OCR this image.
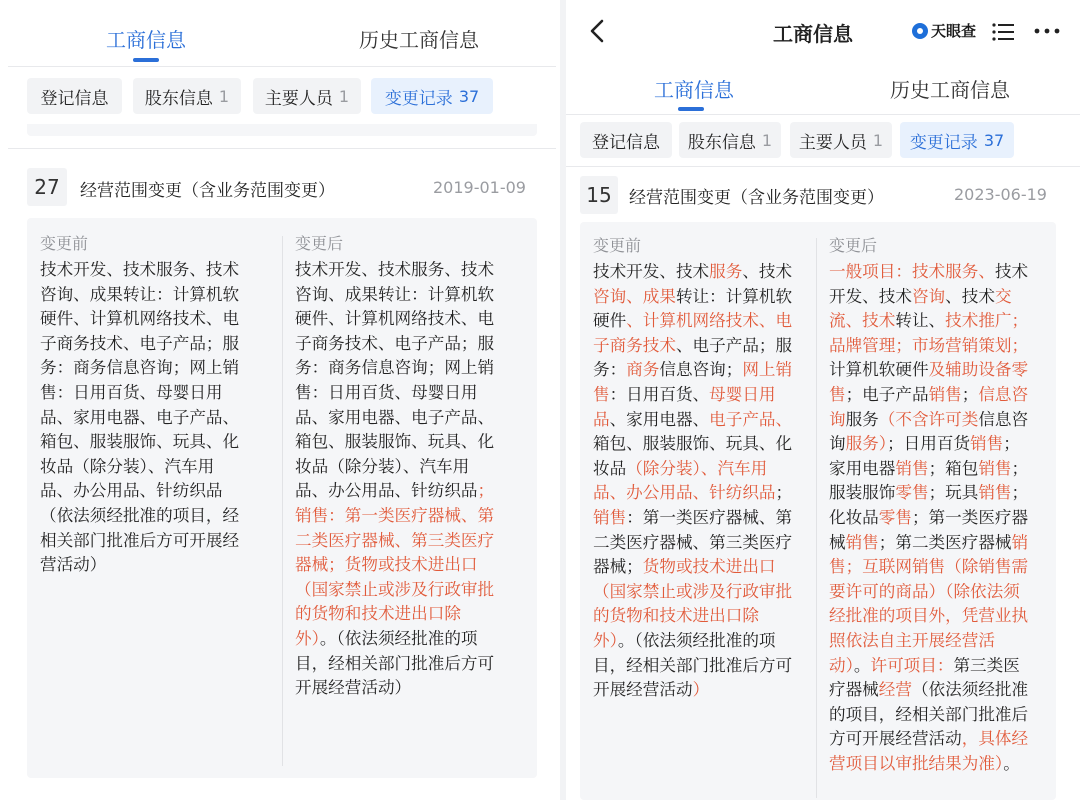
工商信息	历史工商信息
登记信息 股东信息 1 主要人员 1 变更记录 37
27	经营范围变更（含业务范围变更）	2019-01-09
变更前
技术开发、技术服务、技术
咨询、成果转让：计算机软
硬件、计算机网络技术、电
子商务技术、电子产品；服
务：商务信息咨询；网上销
售：日用百货、母婴日用
品、家用电器、电子产品、
箱包、服装服饰、玩具、化
妆品（除分装）、汽车用
品、办公用品、针纺织品
（依法须经批准的项目，经
相关部门批准后方可开展经
营活动）
变更后
技术开发、技术服务、技术
咨询、成果转让：计算机软
硬件、计算机网络技术、电
子商务技术、电子产品；服
务：商务信息咨询；网上销
售：日用百货、母婴日用
品、家用电器、电子产品、
箱包、服装服饰、玩具、化
妆品（除分装）、汽车用
品、办公用品、针纺织品；
销售：第一类医疗器械、第
二类医疗器械、第三类医疗
器械；货物或技术进出口
（国家禁止或涉及行政审批
的货物和技术进出口除
外）。（依法须经批准的项
目，经相关部门批准后方可
开展经营活动）
工商信息	天眼查
工商信息	历史工商信息
登记信息 股东信息 1 主要人员 1 变更记录 37
15	经营范围变更（含业务范围变更）	2023-06-19
变更前
技术开发、技术服务、技术
咨询、成果转让：计算机软
硬件、计算机网络技术、电
子商务技术、电子产品；服
务：商务信息咨询；网上销
售：日用百货、母婴日用
品、家用电器、电子产品、
箱包、服装服饰、玩具、化
妆品（除分装）、汽车用
品、办公用品、针纺织品；
销售：第一类医疗器械、第
二类医疗器械、第三类医疗
器械；货物或技术进出口
（国家禁止或涉及行政审批
的货物和技术进出口除
外）。（依法须经批准的项
目，经相关部门批准后方可
开展经营活动）
变更后
一般项目：技术服务、技术
开发、技术咨询、技术交
流、技术转让、技术推广；
品牌管理；市场营销策划；
计算机软硬件及辅助设备零
售；电子产品销售；信息咨
询服务（不含许可类信息咨
询服务）；日用百货销售；
家用电器销售；箱包销售；
服装服饰零售；玩具销售；
化妆品零售；第一类医疗器
械销售；第二类医疗器械销
售；互联网销售（除销售需
要许可的商品）（除依法须
经批准的项目外，凭营业执
照依法自主开展经营活
动）。许可项目：第三类医
疗器械经营（依法须经批准
的项目，经相关部门批准后
方可开展经营活动，具体经
营项目以审批结果为准）。
